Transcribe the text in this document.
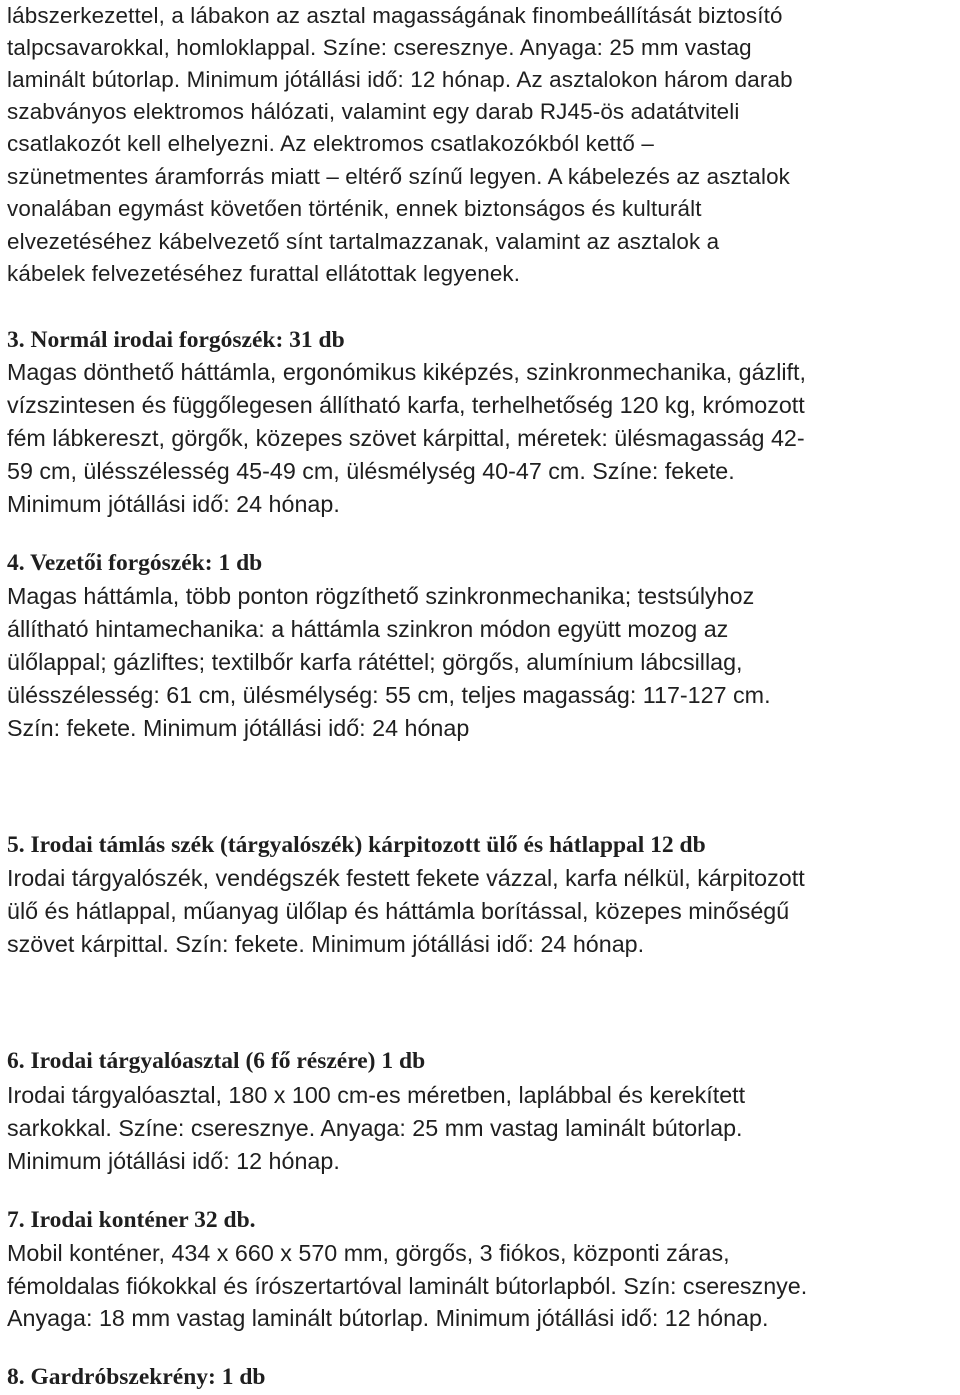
lábszerkezettel, a lábakon az asztal magasságának finombeállítását biztosító
talpcsavarokkal, homloklappal. Színe: cseresznye. Anyaga: 25 mm vastag
laminált bútorlap. Minimum jótállási idő: 12 hónap. Az asztalokon három darab
szabványos elektromos hálózati, valamint egy darab RJ45-ös adatátviteli
csatlakozót kell elhelyezni. Az elektromos csatlakozókból kettő –
szünetmentes áramforrás miatt – eltérő színű legyen. A kábelezés az asztalok
vonalában egymást követően történik, ennek biztonságos és kulturált
elvezetéséhez kábelvezető sínt tartalmazzanak, valamint az asztalok a
kábelek felvezetéséhez furattal ellátottak legyenek.
3. Normál irodai forgószék: 31 db
Magas dönthető háttámla, ergonómikus kiképzés, szinkronmechanika, gázlift,
vízszintesen és függőlegesen állítható karfa, terhelhetőség 120 kg, krómozott
fém lábkereszt, görgők, közepes szövet kárpittal, méretek: ülésmagasság 42-
59 cm, ülésszélesség 45-49 cm, ülésmélység 40-47 cm. Színe: fekete.
Minimum jótállási idő: 24 hónap.
4. Vezetői forgószék: 1 db
Magas háttámla, több ponton rögzíthető szinkronmechanika; testsúlyhoz
állítható hintamechanika: a háttámla szinkron módon együtt mozog az
ülőlappal; gázliftes; textilbőr karfa rátéttel; görgős, alumínium lábcsillag,
ülésszélesség: 61 cm, ülésmélység: 55 cm, teljes magasság: 117-127 cm.
Szín: fekete. Minimum jótállási idő: 24 hónap
5. Irodai támlás szék (tárgyalószék) kárpitozott ülő és hátlappal 12 db
Irodai tárgyalószék, vendégszék festett fekete vázzal, karfa nélkül, kárpitozott
ülő és hátlappal, műanyag ülőlap és háttámla borítással, közepes minőségű
szövet kárpittal. Szín: fekete. Minimum jótállási idő: 24 hónap.
6. Irodai tárgyalóasztal (6 fő részére) 1 db
Irodai tárgyalóasztal, 180 x 100 cm-es méretben, laplábbal és kerekített
sarkokkal. Színe: cseresznye. Anyaga: 25 mm vastag laminált bútorlap.
Minimum jótállási idő: 12 hónap.
7. Irodai konténer 32 db.
Mobil konténer, 434 x 660 x 570 mm, görgős, 3 fiókos, központi záras,
fémoldalas fiókokkal és írószertartóval laminált bútorlapból. Szín: cseresznye.
Anyaga: 18 mm vastag laminált bútorlap. Minimum jótállási idő: 12 hónap.
8. Gardróbszekrény: 1 db
